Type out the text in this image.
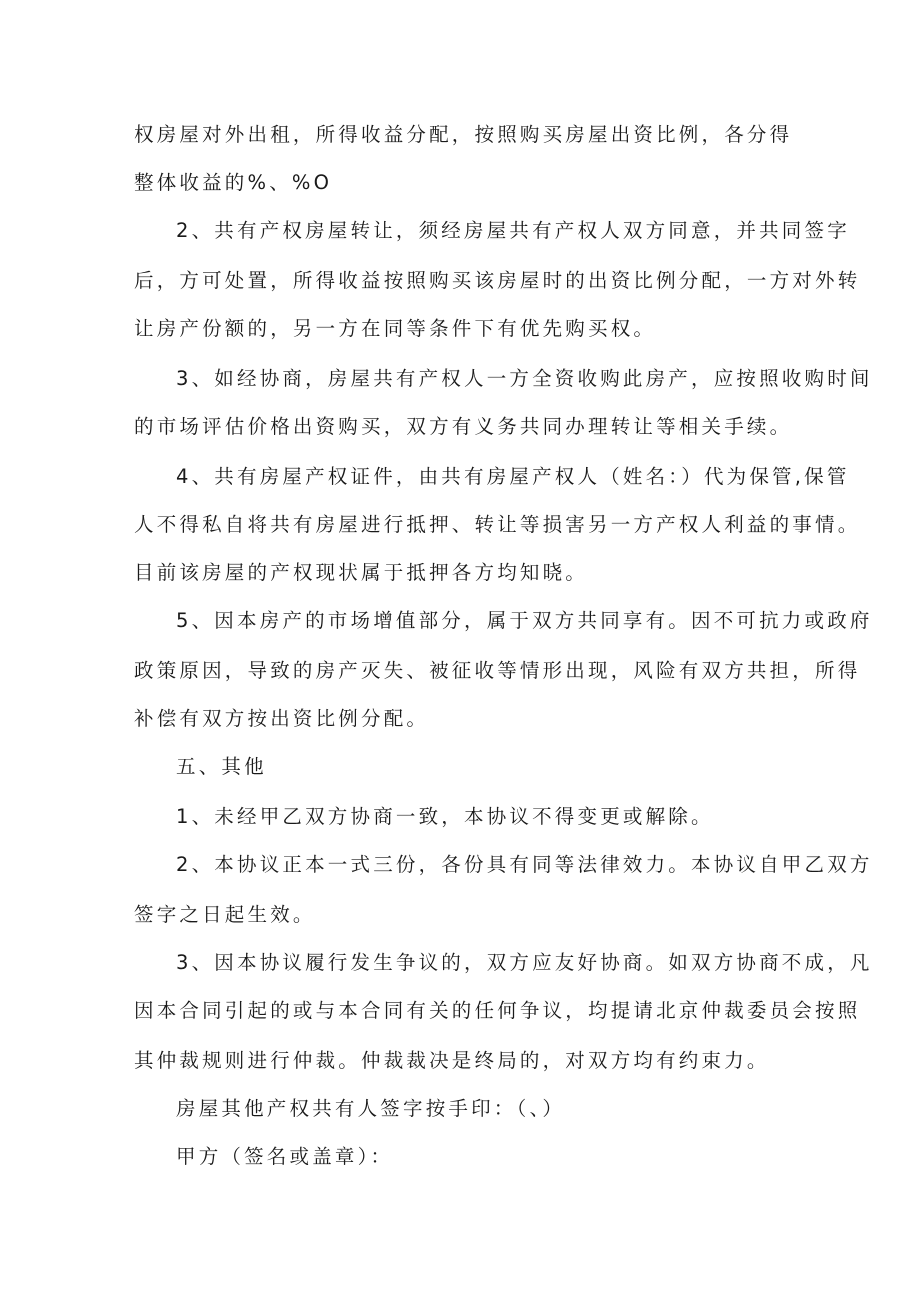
权房屋对外出租，所得收益分配，按照购买房屋出资比例，各分得
整体收益的%、%O
2、共有产权房屋转让，须经房屋共有产权人双方同意，并共同签字
后，方可处置，所得收益按照购买该房屋时的出资比例分配，一方对外转
让房产份额的，另一方在同等条件下有优先购买权。
3、如经协商，房屋共有产权人一方全资收购此房产，应按照收购时间
的市场评估价格出资购买，双方有义务共同办理转让等相关手续。
4、共有房屋产权证件，由共有房屋产权人（姓名：）代为保管,保管
人不得私自将共有房屋进行抵押、转让等损害另一方产权人利益的事情。
目前该房屋的产权现状属于抵押各方均知晓。
5、因本房产的市场增值部分，属于双方共同享有。因不可抗力或政府
政策原因，导致的房产灭失、被征收等情形出现，风险有双方共担，所得
补偿有双方按出资比例分配。
五、其他
1、未经甲乙双方协商一致，本协议不得变更或解除。
2、本协议正本一式三份，各份具有同等法律效力。本协议自甲乙双方
签字之日起生效。
3、因本协议履行发生争议的，双方应友好协商。如双方协商不成，凡
因本合同引起的或与本合同有关的任何争议，均提请北京仲裁委员会按照
其仲裁规则进行仲裁。仲裁裁决是终局的，对双方均有约束力。
房屋其他产权共有人签字按手印：（、）
甲方（签名或盖章）：
